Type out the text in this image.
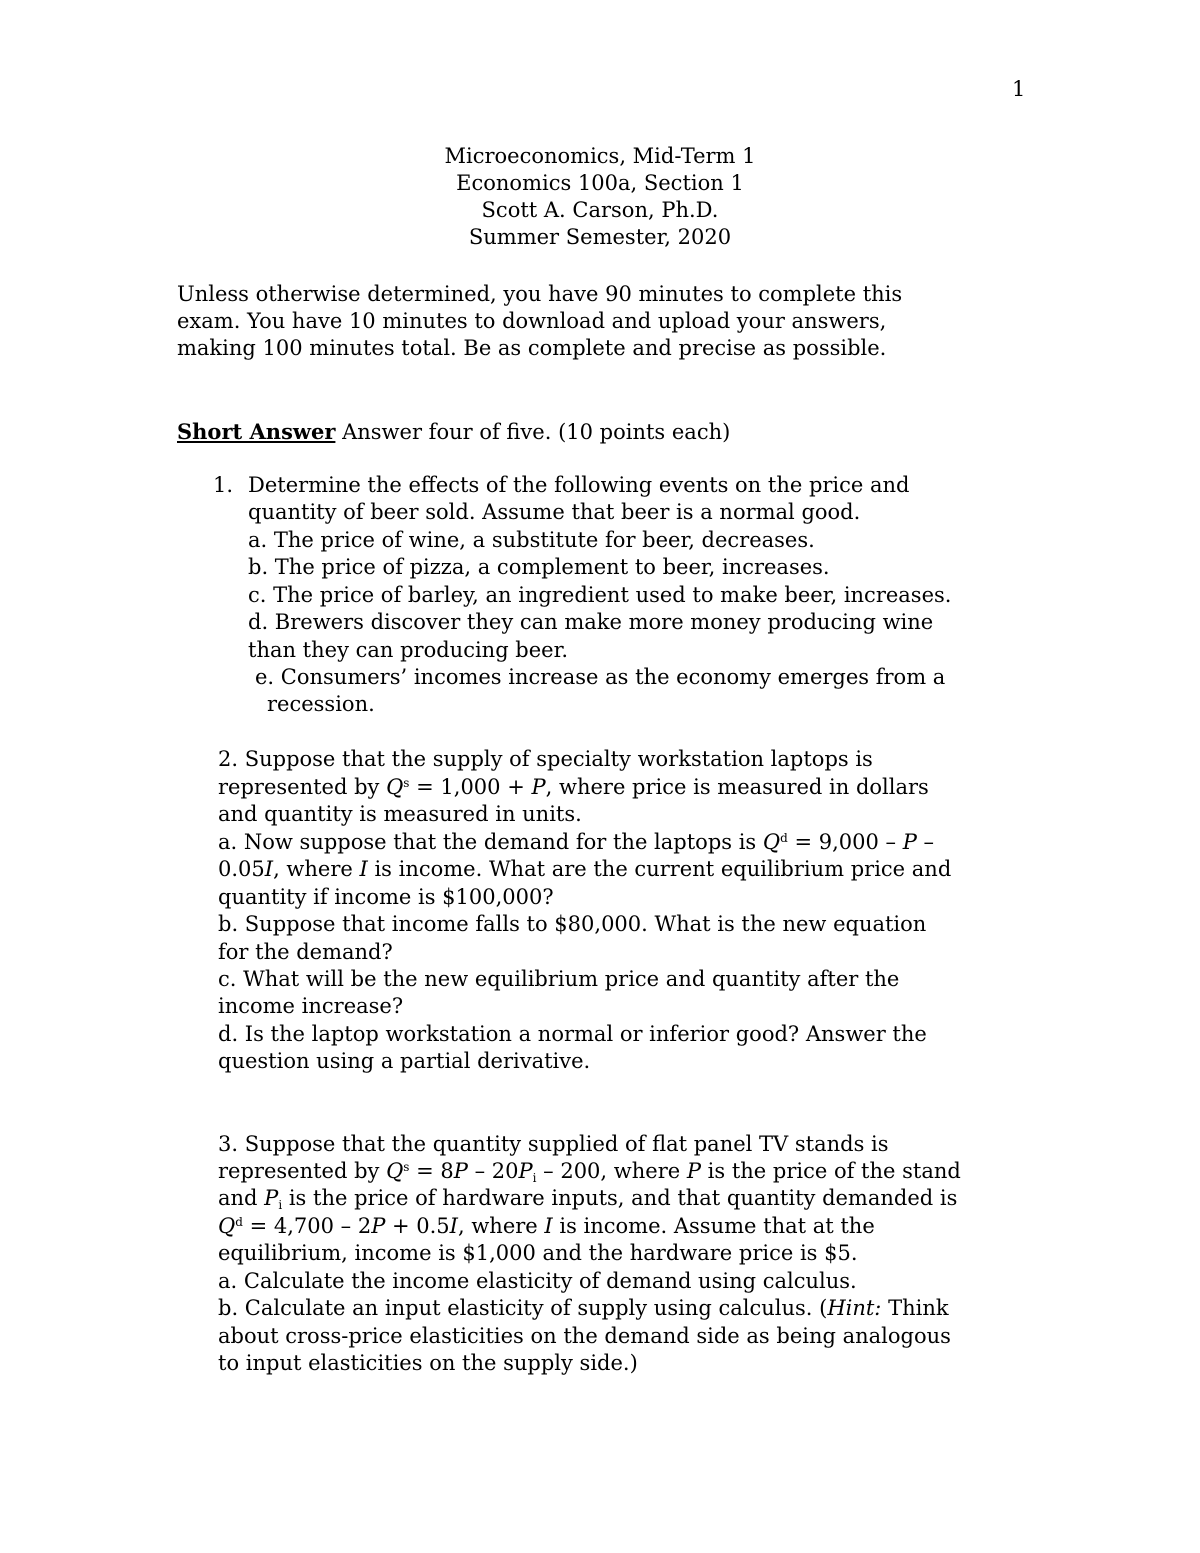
1
Microeconomics, Mid-Term 1
Economics 100a, Section 1
Scott A. Carson, Ph.D.
Summer Semester, 2020
Unless otherwise determined, you have 90 minutes to complete this
exam. You have 10 minutes to download and upload your answers,
making 100 minutes total. Be as complete and precise as possible.
Short Answer Answer four of five. (10 points each)
1. Determine the effects of the following events on the price and
quantity of beer sold. Assume that beer is a normal good.
a. The price of wine, a substitute for beer, decreases.
b. The price of pizza, a complement to beer, increases.
c. The price of barley, an ingredient used to make beer, increases.
d. Brewers discover they can make more money producing wine
than they can producing beer.
e. Consumers’ incomes increase as the economy emerges from a
recession.
2. Suppose that the supply of specialty workstation laptops is
represented by $Q^s = 1,000 + P$, where price is measured in dollars
and quantity is measured in units.
a. Now suppose that the demand for the laptops is $Q^d = 9,000 - P$ –
0.05I, where I is income. What are the current equilibrium price and
quantity if income is $100,000?
b. Suppose that income falls to $80,000. What is the new equation
for the demand?
c. What will be the new equilibrium price and quantity after the
income increase?
d. Is the laptop workstation a normal or inferior good? Answer the
question using a partial derivative.
3. Suppose that the quantity supplied of flat panel TV stands is
represented by $Q^s = 8P - 20P_i - 200$, where P is the price of the stand
and $P_i$ is the price of hardware inputs, and that quantity demanded is
$Q^d = 4,700 - 2P + 0.5I$, where I is income. Assume that at the
equilibrium, income is $1,000 and the hardware price is $5.
a. Calculate the income elasticity of demand using calculus.
b. Calculate an input elasticity of supply using calculus. (Hint: Think
about cross-price elasticities on the demand side as being analogous
to input elasticities on the supply side.)
